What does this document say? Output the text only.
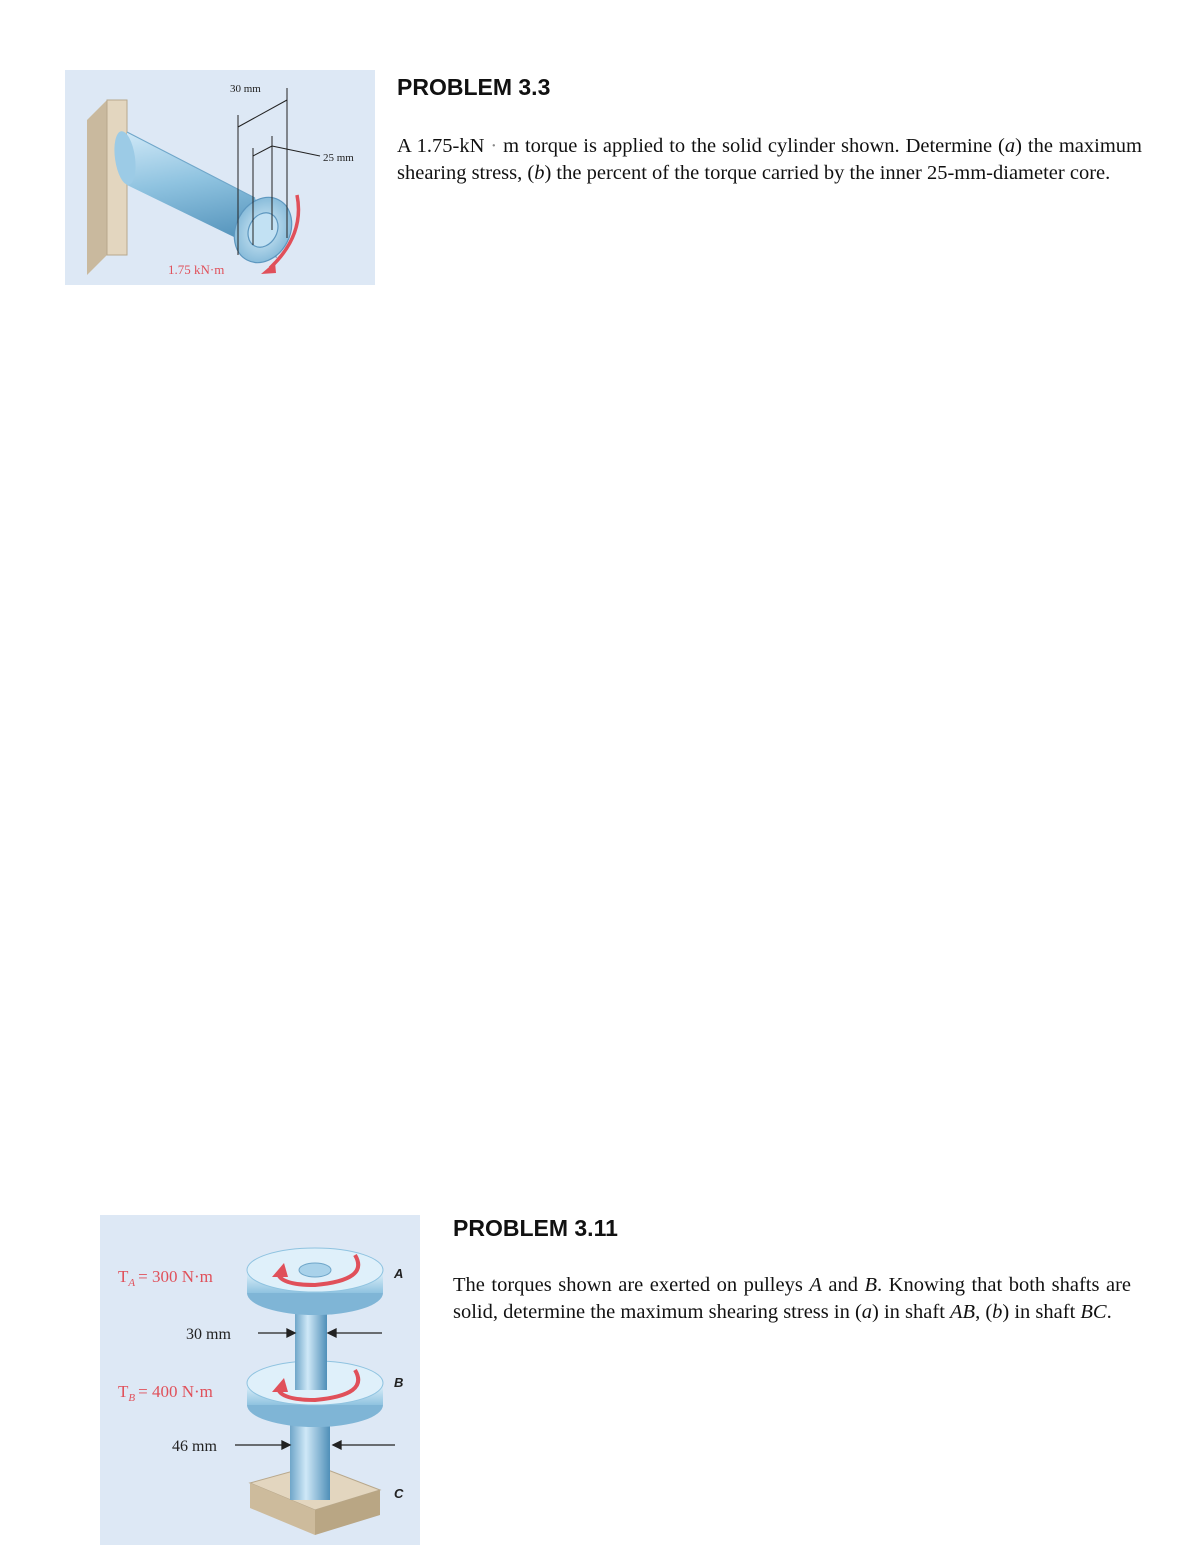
30 mm
25 mm
1.75 kN·m
PROBLEM 3.3

A 1.75-kN · m torque is applied to the solid cylinder shown. Determine (a) the maximum shearing stress, (b) the percent of the torque carried by the inner 25-mm-diameter core.

$T_A = 300$ N·m
$T_B = 400$ N·m
30 mm
46 mm
A
B
C
PROBLEM 3.11

The torques shown are exerted on pulleys A and B. Knowing that both shafts are solid, determine the maximum shearing stress in (a) in shaft AB, (b) in shaft BC.
